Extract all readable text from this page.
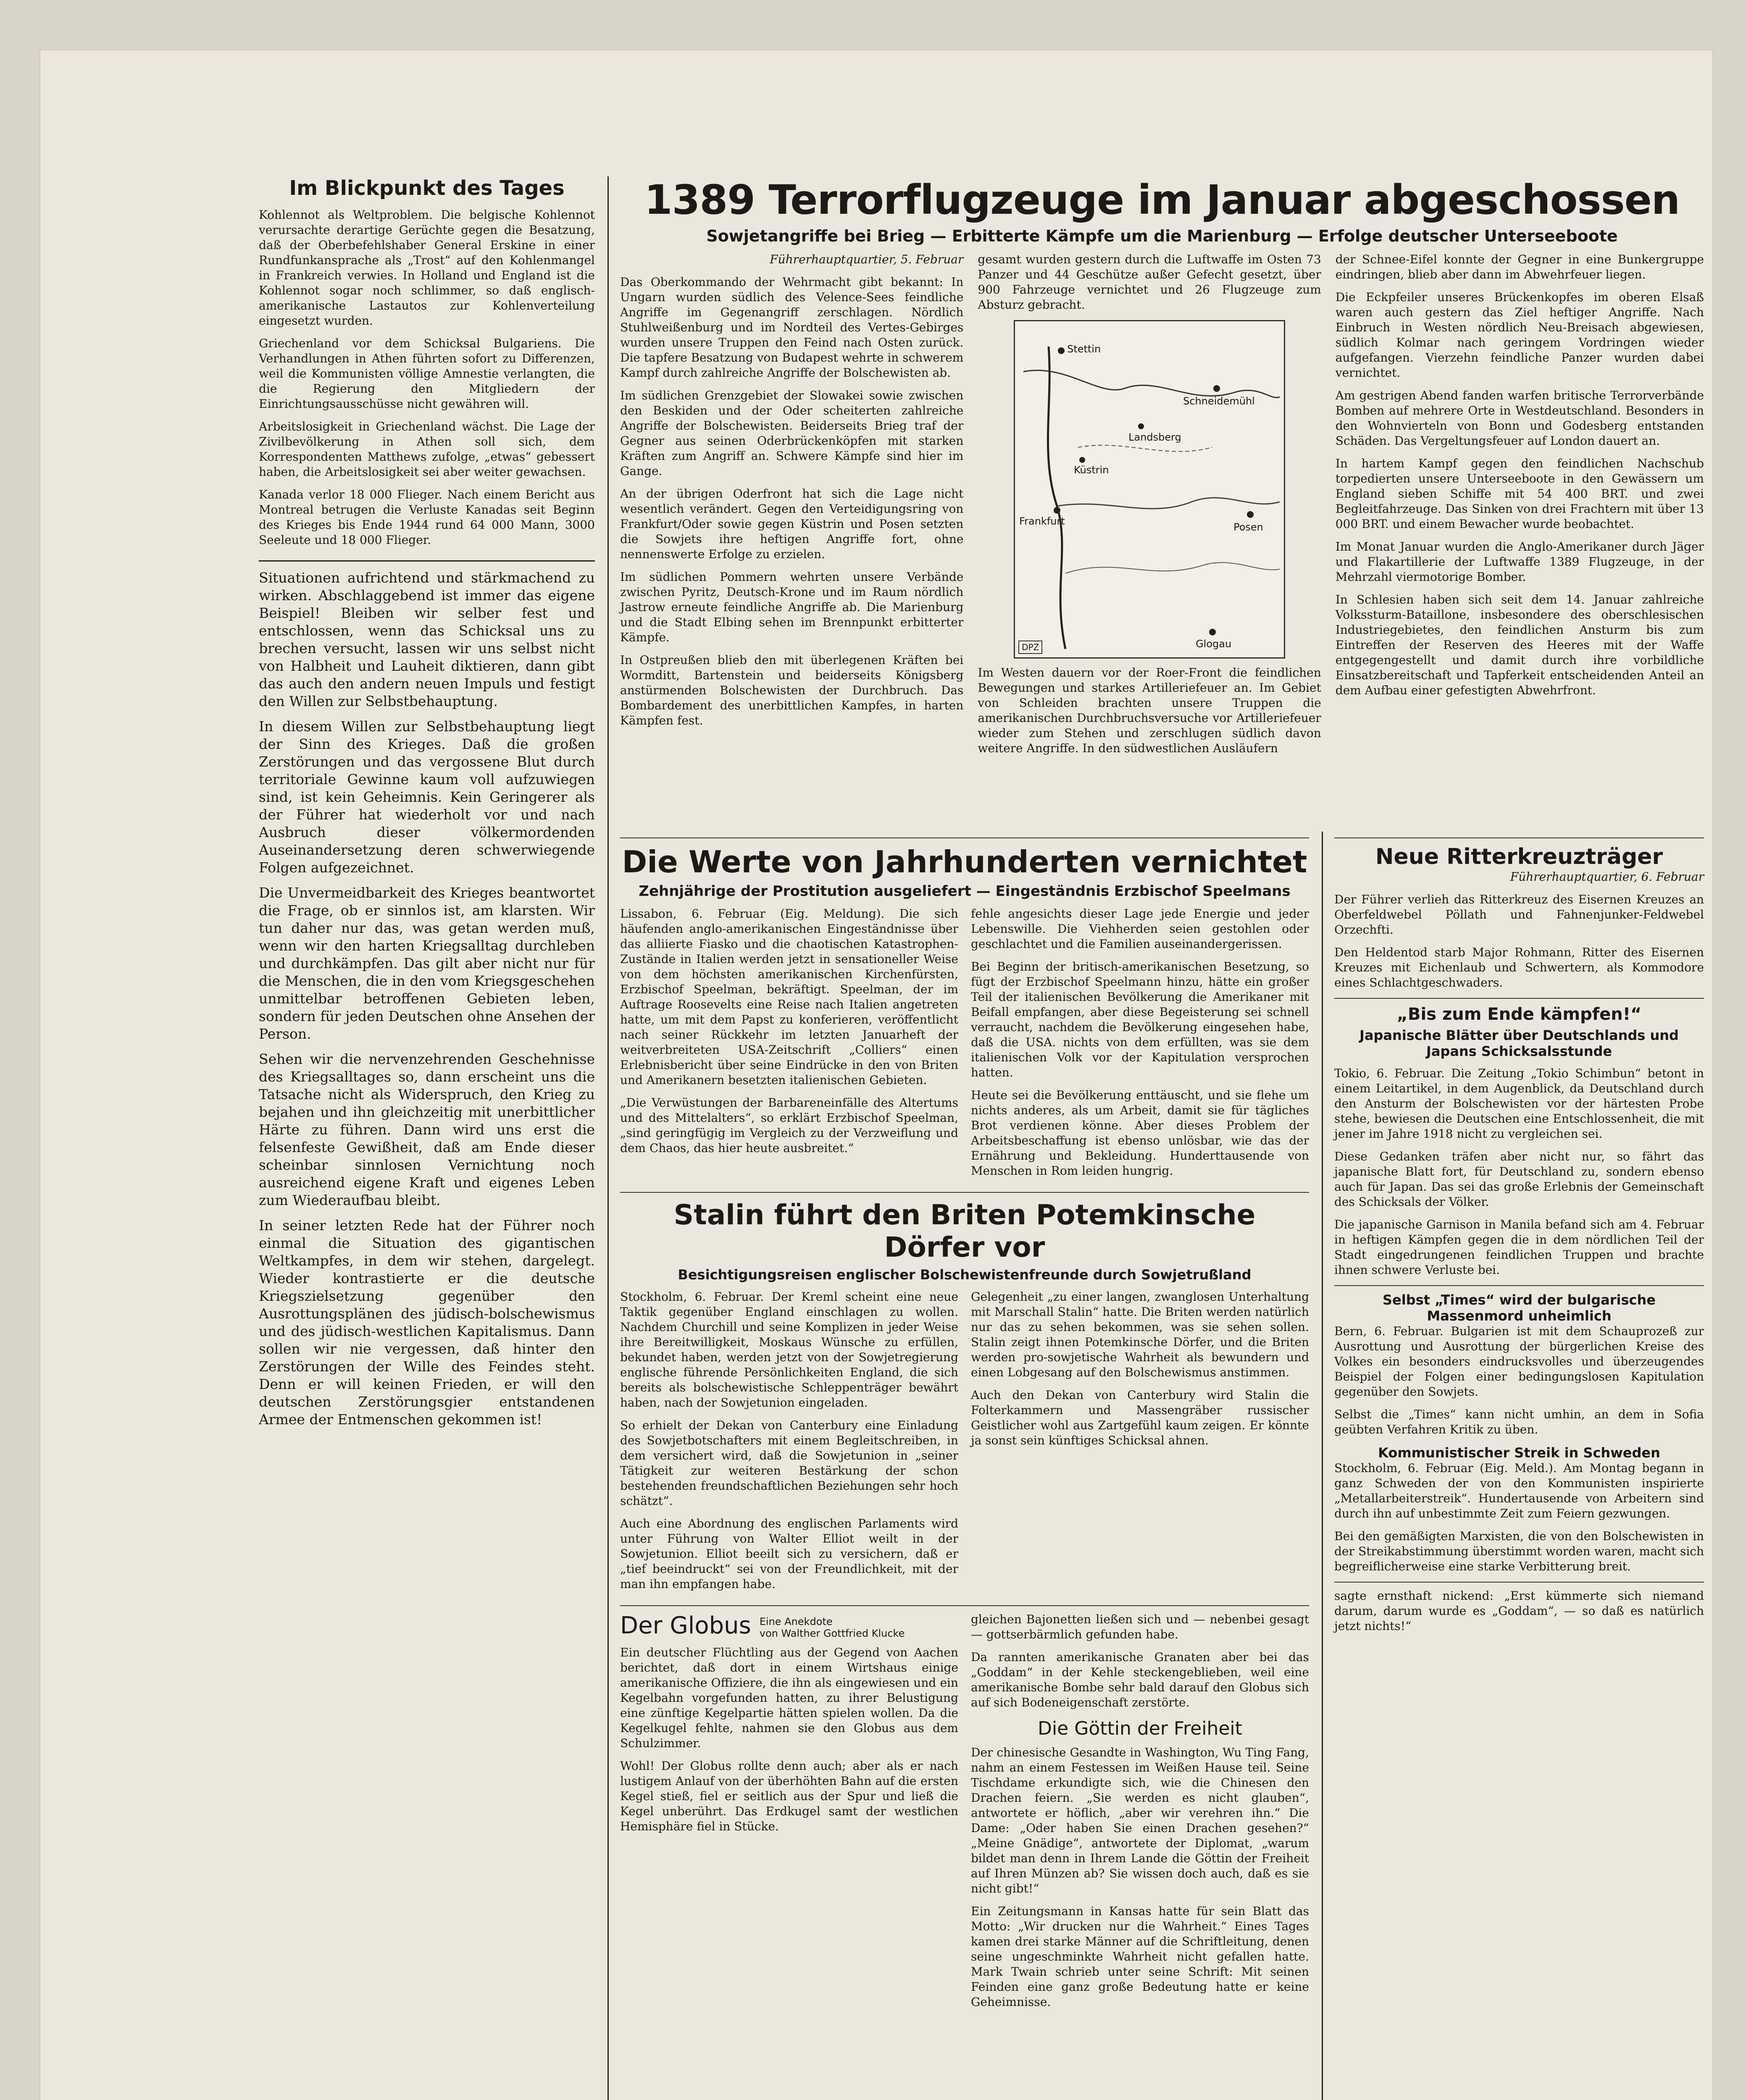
Im Blickpunkt des Tages

Kohlennot als Weltproblem. Die belgische Kohlennot verursachte derartige Gerüchte gegen die Besatzung, daß der Oberbefehlshaber General Erskine in einer Rundfunkansprache als „Trost“ auf den Kohlenmangel in Frankreich verwies. In Holland und England ist die Kohlennot sogar noch schlimmer, so daß englisch-amerikanische Lastautos zur Kohlenverteilung eingesetzt wurden.

Griechenland vor dem Schicksal Bulgariens. Die Verhandlungen in Athen führten sofort zu Differenzen, weil die Kommunisten völlige Amnestie verlangten, die die Regierung den Mitgliedern der Einrichtungsausschüsse nicht gewähren will.

Arbeitslosigkeit in Griechenland wächst. Die Lage der Zivilbevölkerung in Athen soll sich, dem Korrespondenten Matthews zufolge, „etwas“ gebessert haben, die Arbeitslosigkeit sei aber weiter gewachsen.

Kanada verlor 18 000 Flieger. Nach einem Bericht aus Montreal betrugen die Verluste Kanadas seit Beginn des Krieges bis Ende 1944 rund 64 000 Mann, 3000 Seeleute und 18 000 Flieger.

Situationen aufrichtend und stärkmachend zu wirken. Abschlaggebend ist immer das eigene Beispiel! Bleiben wir selber fest und entschlossen, wenn das Schicksal uns zu brechen versucht, lassen wir uns selbst nicht von Halbheit und Lauheit diktieren, dann gibt das auch den andern neuen Impuls und festigt den Willen zur Selbstbehauptung.

In diesem Willen zur Selbstbehauptung liegt der Sinn des Krieges. Daß die großen Zerstörungen und das vergossene Blut durch territoriale Gewinne kaum voll aufzuwiegen sind, ist kein Geheimnis. Kein Geringerer als der Führer hat wiederholt vor und nach Ausbruch dieser völkermordenden Auseinandersetzung deren schwerwiegende Folgen aufgezeichnet.

Die Unvermeidbarkeit des Krieges beantwortet die Frage, ob er sinnlos ist, am klarsten. Wir tun daher nur das, was getan werden muß, wenn wir den harten Kriegsalltag durchleben und durchkämpfen. Das gilt aber nicht nur für die Menschen, die in den vom Kriegsgeschehen unmittelbar betroffenen Gebieten leben, sondern für jeden Deutschen ohne Ansehen der Person.

Sehen wir die nervenzehrenden Geschehnisse des Kriegsalltages so, dann erscheint uns die Tatsache nicht als Widerspruch, den Krieg zu bejahen und ihn gleichzeitig mit unerbittlicher Härte zu führen. Dann wird uns erst die felsenfeste Gewißheit, daß am Ende dieser scheinbar sinnlosen Vernichtung noch ausreichend eigene Kraft und eigenes Leben zum Wiederaufbau bleibt.

In seiner letzten Rede hat der Führer noch einmal die Situation des gigantischen Weltkampfes, in dem wir stehen, dargelegt. Wieder kontrastierte er die deutsche Kriegszielsetzung gegenüber den Ausrottungsplänen des jüdisch-bolschewismus und des jüdisch-westlichen Kapitalismus. Dann sollen wir nie vergessen, daß hinter den Zerstörungen der Wille des Feindes steht. Denn er will keinen Frieden, er will den deutschen Zerstörungsgier entstandenen Armee der Entmenschen gekommen ist!

1389 Terrorflugzeuge im Januar abgeschossen
Sowjetangriffe bei Brieg — Erbitterte Kämpfe um die Marienburg — Erfolge deutscher Unterseeboote

Führerhauptquartier, 5. Februar

Das Oberkommando der Wehrmacht gibt bekannt: In Ungarn wurden südlich des Velence-Sees feindliche Angriffe im Gegenangriff zerschlagen. Nördlich Stuhlweißenburg und im Nordteil des Vertes-Gebirges wurden unsere Truppen den Feind nach Osten zurück. Die tapfere Besatzung von Budapest wehrte in schwerem Kampf durch zahlreiche Angriffe der Bolschewisten ab.

Im südlichen Grenzgebiet der Slowakei sowie zwischen den Beskiden und der Oder scheiterten zahlreiche Angriffe der Bolschewisten. Beiderseits Brieg traf der Gegner aus seinen Oderbrückenköpfen mit starken Kräften zum Angriff an. Schwere Kämpfe sind hier im Gange.

An der übrigen Oderfront hat sich die Lage nicht wesentlich verändert. Gegen den Verteidigungsring von Frankfurt/Oder sowie gegen Küstrin und Posen setzten die Sowjets ihre heftigen Angriffe fort, ohne nennenswerte Erfolge zu erzielen.

Im südlichen Pommern wehrten unsere Verbände zwischen Pyritz, Deutsch-Krone und im Raum nördlich Jastrow erneute feindliche Angriffe ab. Die Marienburg und die Stadt Elbing sehen im Brennpunkt erbitterter Kämpfe.

In Ostpreußen blieb den mit überlegenen Kräften bei Wormditt, Bartenstein und beiderseits Königsberg anstürmenden Bolschewisten der Durchbruch. Das Bombardement des unerbittlichen Kampfes, in harten Kämpfen fest.

gesamt wurden gestern durch die Luftwaffe im Osten 73 Panzer und 44 Geschütze außer Gefecht gesetzt, über 900 Fahrzeuge vernichtet und 26 Flugzeuge zum Absturz gebracht.

Stettin
Schneidemühl
Küstrin
Landsberg
Frankfurt	Posen
Glogau
DPZ

Im Westen dauern vor der Roer-Front die feindlichen Bewegungen und starkes Artilleriefeuer an. Im Gebiet von Schleiden brachten unsere Truppen die amerikanischen Durchbruchsversuche vor Artilleriefeuer wieder zum Stehen und zerschlugen südlich davon weitere Angriffe. In den südwestlichen Ausläufern

der Schnee-Eifel konnte der Gegner in eine Bunkergruppe eindringen, blieb aber dann im Abwehrfeuer liegen.

Die Eckpfeiler unseres Brückenkopfes im oberen Elsaß waren auch gestern das Ziel heftiger Angriffe. Nach Einbruch in Westen nördlich Neu-Breisach abgewiesen, südlich Kolmar nach geringem Vordringen wieder aufgefangen. Vierzehn feindliche Panzer wurden dabei vernichtet.

Am gestrigen Abend fanden warfen britische Terrorverbände Bomben auf mehrere Orte in Westdeutschland. Besonders in den Wohnvierteln von Bonn und Godesberg entstanden Schäden. Das Vergeltungsfeuer auf London dauert an.

In hartem Kampf gegen den feindlichen Nachschub torpedierten unsere Unterseeboote in den Gewässern um England sieben Schiffe mit 54 400 BRT. und zwei Begleitfahrzeuge. Das Sinken von drei Frachtern mit über 13 000 BRT. und einem Bewacher wurde beobachtet.

Im Monat Januar wurden die Anglo-Amerikaner durch Jäger und Flakartillerie der Luftwaffe 1389 Flugzeuge, in der Mehrzahl viermotorige Bomber.

In Schlesien haben sich seit dem 14. Januar zahlreiche Volkssturm-Bataillone, insbesondere des oberschlesischen Industriegebietes, den feindlichen Ansturm bis zum Eintreffen der Reserven des Heeres mit der Waffe entgegengestellt und damit durch ihre vorbildliche Einsatzbereitschaft und Tapferkeit entscheidenden Anteil an dem Aufbau einer gefestigten Abwehrfront.

Die Werte von Jahrhunderten vernichtet
Zehnjährige der Prostitution ausgeliefert — Eingeständnis Erzbischof Speelmans

Lissabon, 6. Februar (Eig. Meldung). Die sich häufenden anglo-amerikanischen Eingeständnisse über das alliierte Fiasko und die chaotischen Katastrophen-Zustände in Italien werden jetzt in sensationeller Weise von dem höchsten amerikanischen Kirchenfürsten, Erzbischof Speelman, bekräftigt. Speelman, der im Auftrage Roosevelts eine Reise nach Italien angetreten hatte, um mit dem Papst zu konferieren, veröffentlicht nach seiner Rückkehr im letzten Januarheft der weitverbreiteten USA-Zeitschrift „Colliers“ einen Erlebnisbericht über seine Eindrücke in den von Briten und Amerikanern besetzten italienischen Gebieten.

„Die Verwüstungen der Barbareneinfälle des Altertums und des Mittelalters“, so erklärt Erzbischof Speelman, „sind geringfügig im Vergleich zu der Verzweiflung und dem Chaos, das hier heute ausbreitet.“

fehle angesichts dieser Lage jede Energie und jeder Lebenswille. Die Viehherden seien gestohlen oder geschlachtet und die Familien auseinandergerissen.

Bei Beginn der britisch-amerikanischen Besetzung, so fügt der Erzbischof Speelmann hinzu, hätte ein großer Teil der italienischen Bevölkerung die Amerikaner mit Beifall empfangen, aber diese Begeisterung sei schnell verraucht, nachdem die Bevölkerung eingesehen habe, daß die USA. nichts von dem erfüllten, was sie dem italienischen Volk vor der Kapitulation versprochen hatten.

Heute sei die Bevölkerung enttäuscht, und sie flehe um nichts anderes, als um Arbeit, damit sie für tägliches Brot verdienen könne. Aber dieses Problem der Arbeitsbeschaffung ist ebenso unlösbar, wie das der Ernährung und Bekleidung. Hunderttausende von Menschen in Rom leiden hungrig.

Stalin führt den Briten Potemkinsche Dörfer vor
Besichtigungsreisen englischer Bolschewistenfreunde durch Sowjetrußland

Stockholm, 6. Februar. Der Kreml scheint eine neue Taktik gegenüber England einschlagen zu wollen. Nachdem Churchill und seine Komplizen in jeder Weise ihre Bereitwilligkeit, Moskaus Wünsche zu erfüllen, bekundet haben, werden jetzt von der Sowjetregierung englische führende Persönlichkeiten England, die sich bereits als bolschewistische Schleppenträger bewährt haben, nach der Sowjetunion eingeladen.

So erhielt der Dekan von Canterbury eine Einladung des Sowjetbotschafters mit einem Begleitschreiben, in dem versichert wird, daß die Sowjetunion in „seiner Tätigkeit zur weiteren Bestärkung der schon bestehenden freundschaftlichen Beziehungen sehr hoch schätzt“.

Auch eine Abordnung des englischen Parlaments wird unter Führung von Walter Elliot weilt in der Sowjetunion. Elliot beeilt sich zu versichern, daß er „tief beeindruckt“ sei von der Freundlichkeit, mit der man ihn empfangen habe.

Gelegenheit „zu einer langen, zwanglosen Unterhaltung mit Marschall Stalin“ hatte. Die Briten werden natürlich nur das zu sehen bekommen, was sie sehen sollen. Stalin zeigt ihnen Potemkinsche Dörfer, und die Briten werden pro-sowjetische Wahrheit als bewundern und einen Lobgesang auf den Bolschewismus anstimmen.

Auch den Dekan von Canterbury wird Stalin die Folterkammern und Massengräber russischer Geistlicher wohl aus Zartgefühl kaum zeigen. Er könnte ja sonst sein künftiges Schicksal ahnen.

Der Globus Eine Anekdote
von Walther Gottfried Klucke

Ein deutscher Flüchtling aus der Gegend von Aachen berichtet, daß dort in einem Wirtshaus einige amerikanische Offiziere, die ihn als eingewiesen und ein Kegelbahn vorgefunden hatten, zu ihrer Belustigung eine zünftige Kegelpartie hätten spielen wollen. Da die Kegelkugel fehlte, nahmen sie den Globus aus dem Schulzimmer.

Wohl! Der Globus rollte denn auch; aber als er nach lustigem Anlauf von der überhöhten Bahn auf die ersten Kegel stieß, fiel er seitlich aus der Spur und ließ die Kegel unberührt. Das Erdkugel samt der westlichen Hemisphäre fiel in Stücke.

gleichen Bajonetten ließen sich und — nebenbei gesagt — gottserbärmlich gefunden habe.

Da rannten amerikanische Granaten aber bei das „Goddam“ in der Kehle steckengeblieben, weil eine amerikanische Bombe sehr bald darauf den Globus sich auf sich Bodeneigenschaft zerstörte.

Die Göttin der Freiheit

Der chinesische Gesandte in Washington, Wu Ting Fang, nahm an einem Festessen im Weißen Hause teil. Seine Tischdame erkundigte sich, wie die Chinesen den Drachen feiern. „Sie werden es nicht glauben“, antwortete er höflich, „aber wir verehren ihn.“ Die Dame: „Oder haben Sie einen Drachen gesehen?“ „Meine Gnädige“, antwortete der Diplomat, „warum bildet man denn in Ihrem Lande die Göttin der Freiheit auf Ihren Münzen ab? Sie wissen doch auch, daß es sie nicht gibt!“

Ein Zeitungsmann in Kansas hatte für sein Blatt das Motto: „Wir drucken nur die Wahrheit.“ Eines Tages kamen drei starke Männer auf die Schriftleitung, denen seine ungeschminkte Wahrheit nicht gefallen hatte. Mark Twain schrieb unter seine Schrift: Mit seinen Feinden eine ganz große Bedeutung hatte er keine Geheimnisse.

Neue Ritterkreuzträger

Führerhauptquartier, 6. Februar

Der Führer verlieh das Ritterkreuz des Eisernen Kreuzes an Oberfeldwebel Pöllath und Fahnenjunker-Feldwebel Orzechfti.

Den Heldentod starb Major Rohmann, Ritter des Eisernen Kreuzes mit Eichenlaub und Schwertern, als Kommodore eines Schlachtgeschwaders.

„Bis zum Ende kämpfen!“
Japanische Blätter über Deutschlands und Japans Schicksalsstunde

Tokio, 6. Februar. Die Zeitung „Tokio Schimbun“ betont in einem Leitartikel, in dem Augenblick, da Deutschland durch den Ansturm der Bolschewisten vor der härtesten Probe stehe, bewiesen die Deutschen eine Entschlossenheit, die mit jener im Jahre 1918 nicht zu vergleichen sei.

Diese Gedanken träfen aber nicht nur, so fährt das japanische Blatt fort, für Deutschland zu, sondern ebenso auch für Japan. Das sei das große Erlebnis der Gemeinschaft des Schicksals der Völker.

Die japanische Garnison in Manila befand sich am 4. Februar in heftigen Kämpfen gegen die in dem nördlichen Teil der Stadt eingedrungenen feindlichen Truppen und brachte ihnen schwere Verluste bei.

Selbst „Times“ wird der bulgarische Massenmord unheimlich

Bern, 6. Februar. Bulgarien ist mit dem Schauprozeß zur Ausrottung und Ausrottung der bürgerlichen Kreise des Volkes ein besonders eindrucksvolles und überzeugendes Beispiel der Folgen einer bedingungslosen Kapitulation gegenüber den Sowjets.

Selbst die „Times“ kann nicht umhin, an dem in Sofia geübten Verfahren Kritik zu üben.

Kommunistischer Streik in Schweden

Stockholm, 6. Februar (Eig. Meld.). Am Montag begann in ganz Schweden der von den Kommunisten inspirierte „Metallarbeiterstreik“. Hundertausende von Arbeitern sind durch ihn auf unbestimmte Zeit zum Feiern gezwungen.

Bei den gemäßigten Marxisten, die von den Bolschewisten in der Streikabstimmung überstimmt worden waren, macht sich begreiflicherweise eine starke Verbitterung breit.

sagte ernsthaft nickend: „Erst kümmerte sich niemand darum, darum wurde es „Goddam“, — so daß es natürlich jetzt nichts!“
